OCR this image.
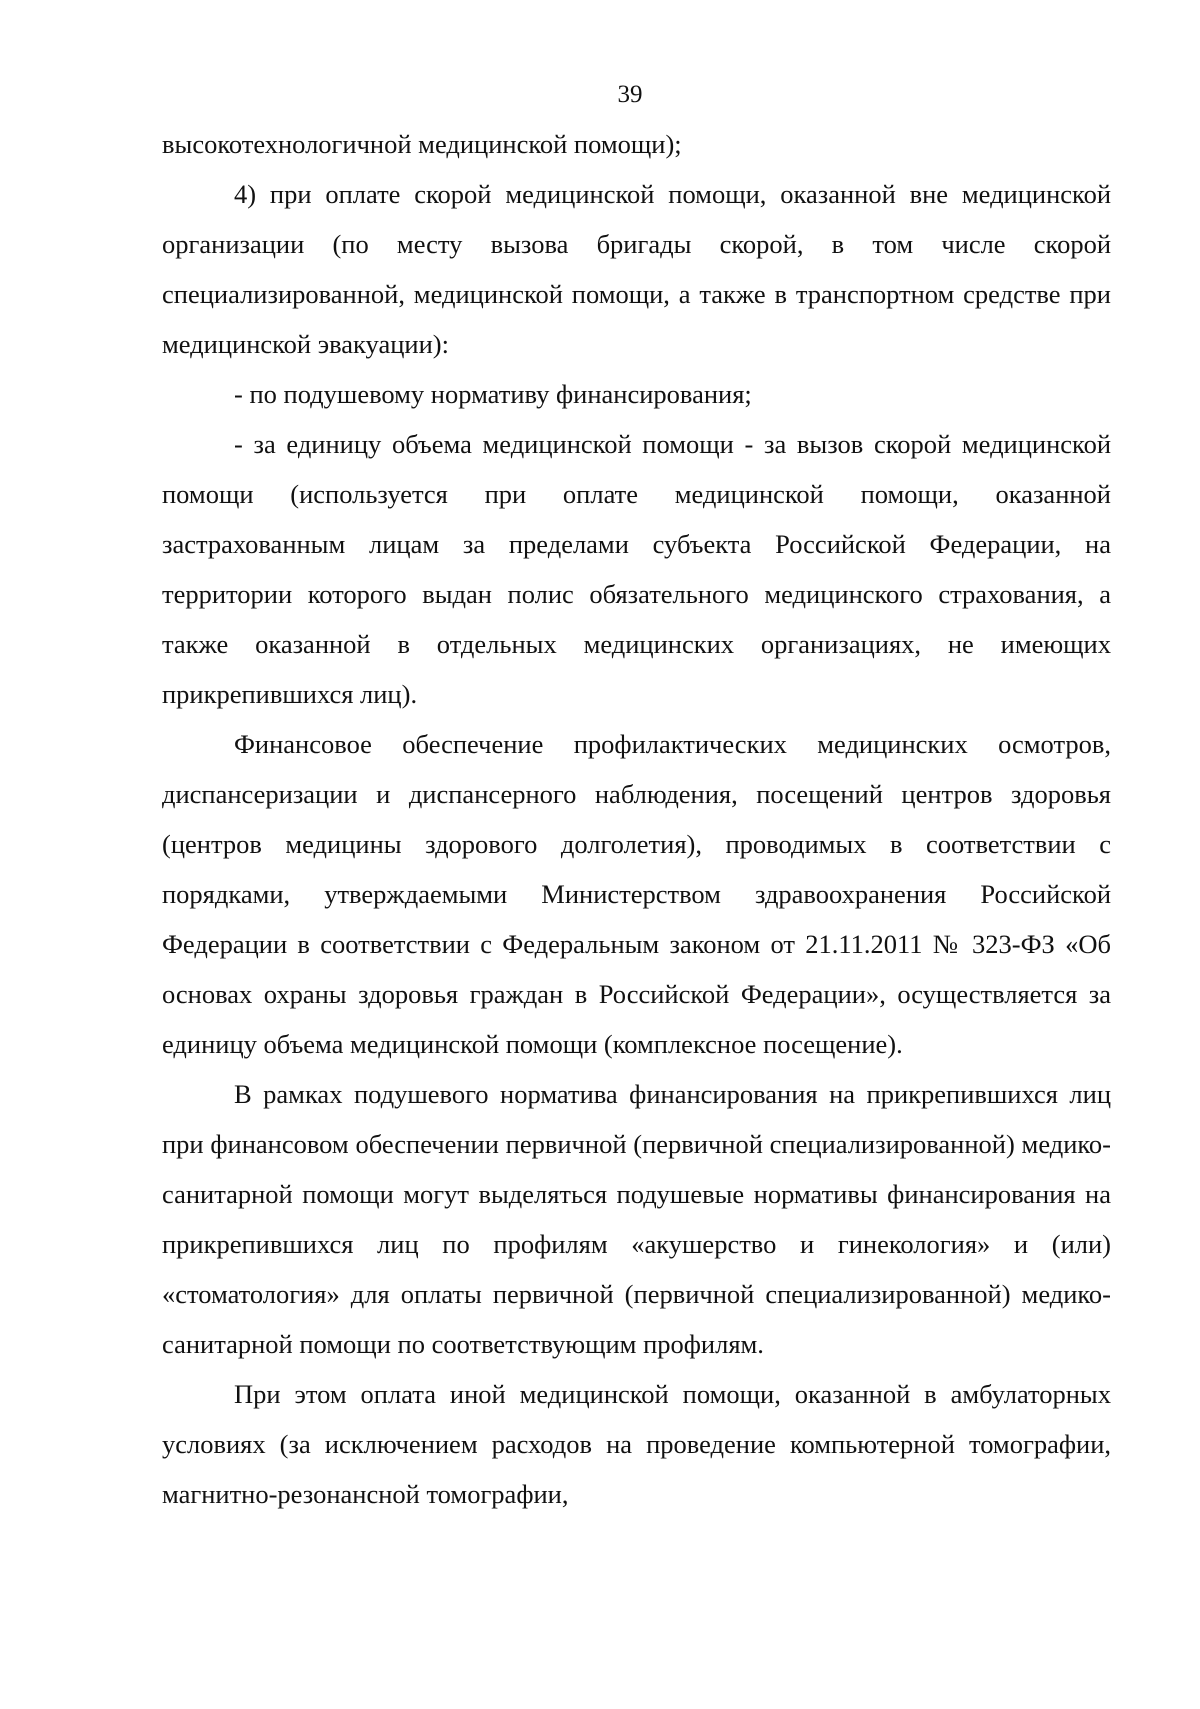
39

высокотехнологичной медицинской помощи);

4) при оплате скорой медицинской помощи, оказанной вне медицинской организации (по месту вызова бригады скорой, в том числе скорой специализированной, медицинской помощи, а также в транспортном средстве при медицинской эвакуации):

- по подушевому нормативу финансирования;

- за единицу объема медицинской помощи - за вызов скорой медицинской помощи (используется при оплате медицинской помощи, оказанной застрахованным лицам за пределами субъекта Российской Федерации, на территории которого выдан полис обязательного медицинского страхования, а также оказанной в отдельных медицинских организациях, не имеющих прикрепившихся лиц).

Финансовое обеспечение профилактических медицинских осмотров, диспансеризации и диспансерного наблюдения, посещений центров здоровья (центров медицины здорового долголетия), проводимых в соответствии с порядками, утверждаемыми Министерством здравоохранения Российской Федерации в соответствии с Федеральным законом от 21.11.2011 № 323-ФЗ «Об основах охраны здоровья граждан в Российской Федерации», осуществляется за единицу объема медицинской помощи (комплексное посещение).

В рамках подушевого норматива финансирования на прикрепившихся лиц при финансовом обеспечении первичной (первичной специализированной) медико-санитарной помощи могут выделяться подушевые нормативы финансирования на прикрепившихся лиц по профилям «акушерство и гинекология» и (или) «стоматология» для оплаты первичной (первичной специализированной) медико-санитарной помощи по соответствующим профилям.

При этом оплата иной медицинской помощи, оказанной в амбулаторных условиях (за исключением расходов на проведение компьютерной томографии, магнитно-резонансной томографии,
